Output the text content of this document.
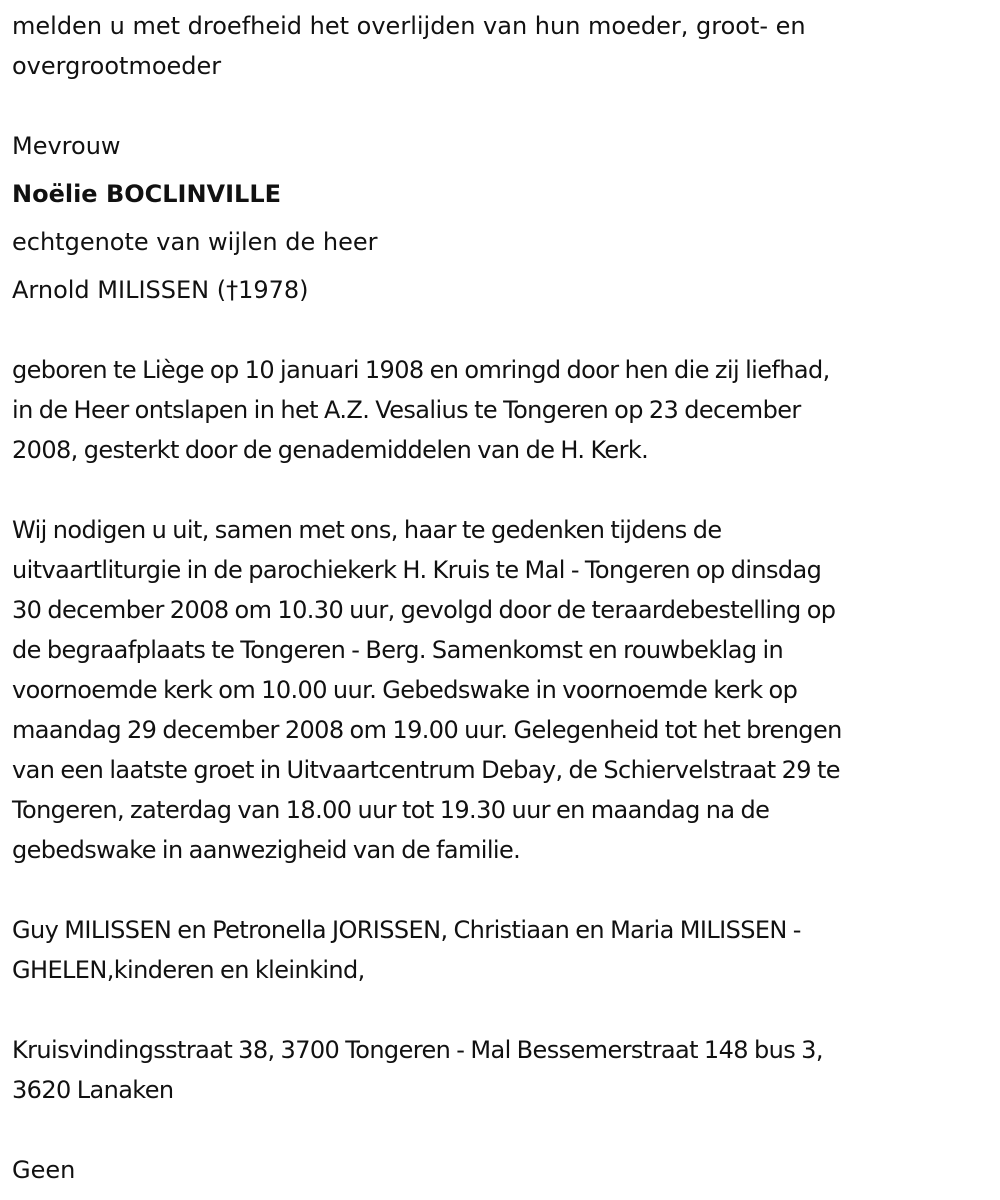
melden u met droefheid het overlijden van hun moeder, groot- en
overgrootmoeder

Mevrouw
Noëlie BOCLINVILLE
echtgenote van wijlen de heer
Arnold MILISSEN (†1978)

geboren te Liège op 10 januari 1908 en omringd door hen die zij liefhad,
in de Heer ontslapen in het A.Z. Vesalius te Tongeren op 23 december
2008, gesterkt door de genademiddelen van de H. Kerk.

Wij nodigen u uit, samen met ons, haar te gedenken tijdens de
uitvaartliturgie in de parochiekerk H. Kruis te Mal - Tongeren op dinsdag
30 december 2008 om 10.30 uur, gevolgd door de teraardebestelling op
de begraafplaats te Tongeren - Berg. Samenkomst en rouwbeklag in
voornoemde kerk om 10.00 uur. Gebedswake in voornoemde kerk op
maandag 29 december 2008 om 19.00 uur. Gelegenheid tot het brengen
van een laatste groet in Uitvaartcentrum Debay, de Schiervelstraat 29 te
Tongeren, zaterdag van 18.00 uur tot 19.30 uur en maandag na de
gebedswake in aanwezigheid van de familie.

Guy MILISSEN en Petronella JORISSEN, Christiaan en Maria MILISSEN -
GHELEN,kinderen en kleinkind,

Kruisvindingsstraat 38, 3700 Tongeren - Mal Bessemerstraat 148 bus 3,
3620 Lanaken

Geen
